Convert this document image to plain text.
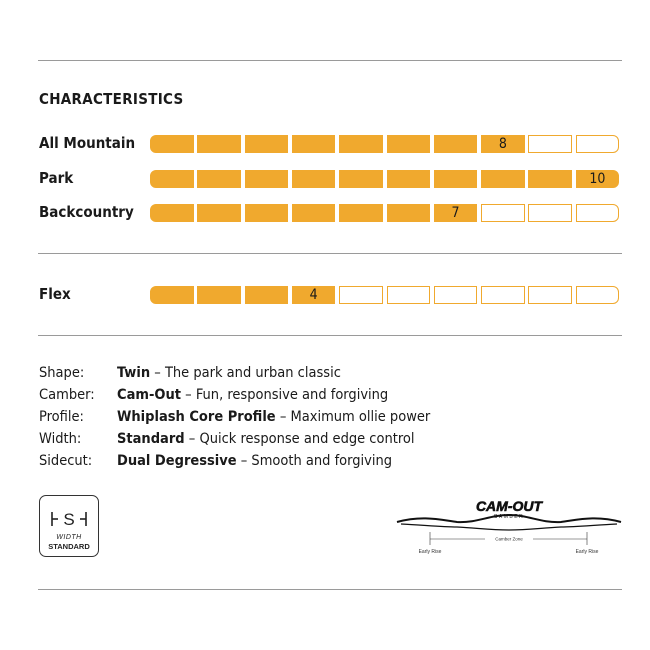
CHARACTERISTICS
All Mountain	8
Park	10
Backcountry	7
Flex	4
Shape: Twin – The park and urban classic
Camber: Cam-Out – Fun, responsive and forgiving
Profile: Whiplash Core Profile – Maximum ollie power
Width: Standard – Quick response and edge control
Sidecut: Dual Degressive – Smooth and forgiving
S
WIDTH
STANDARD
CAM-OUT
CAMBER
Camber Zone
Early Rise	Early Rise
